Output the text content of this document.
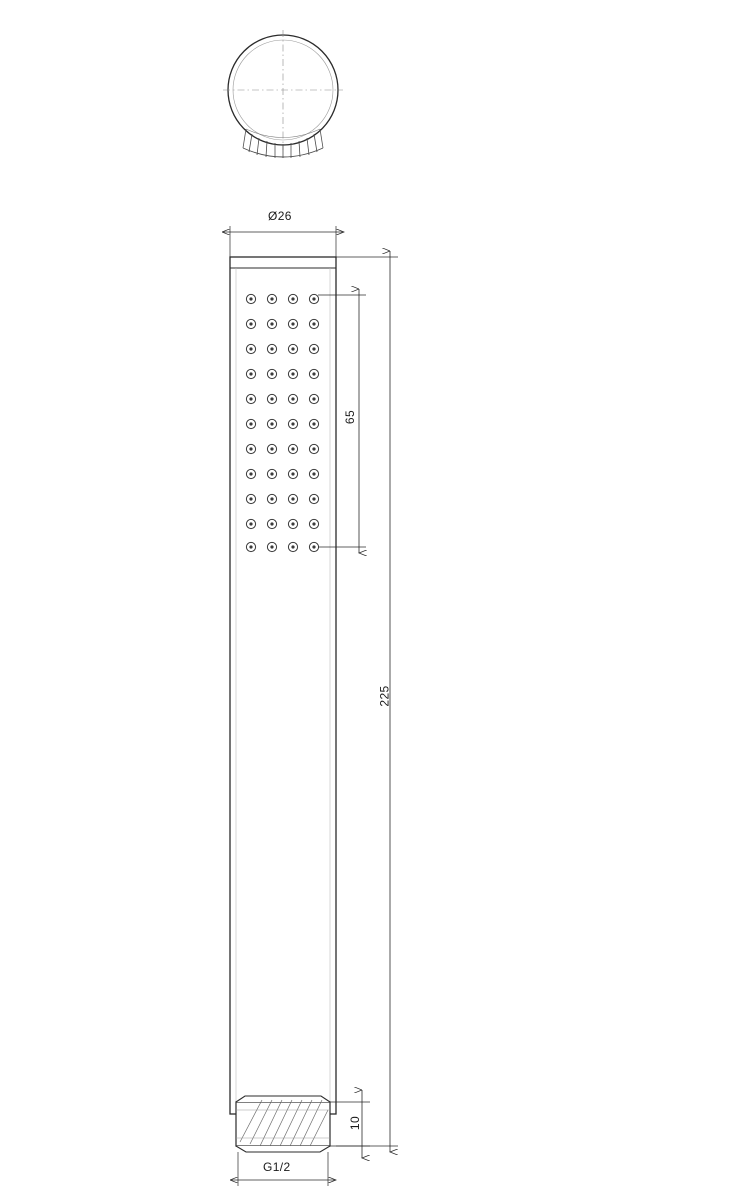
Ø26
65
225
10
G1/2
